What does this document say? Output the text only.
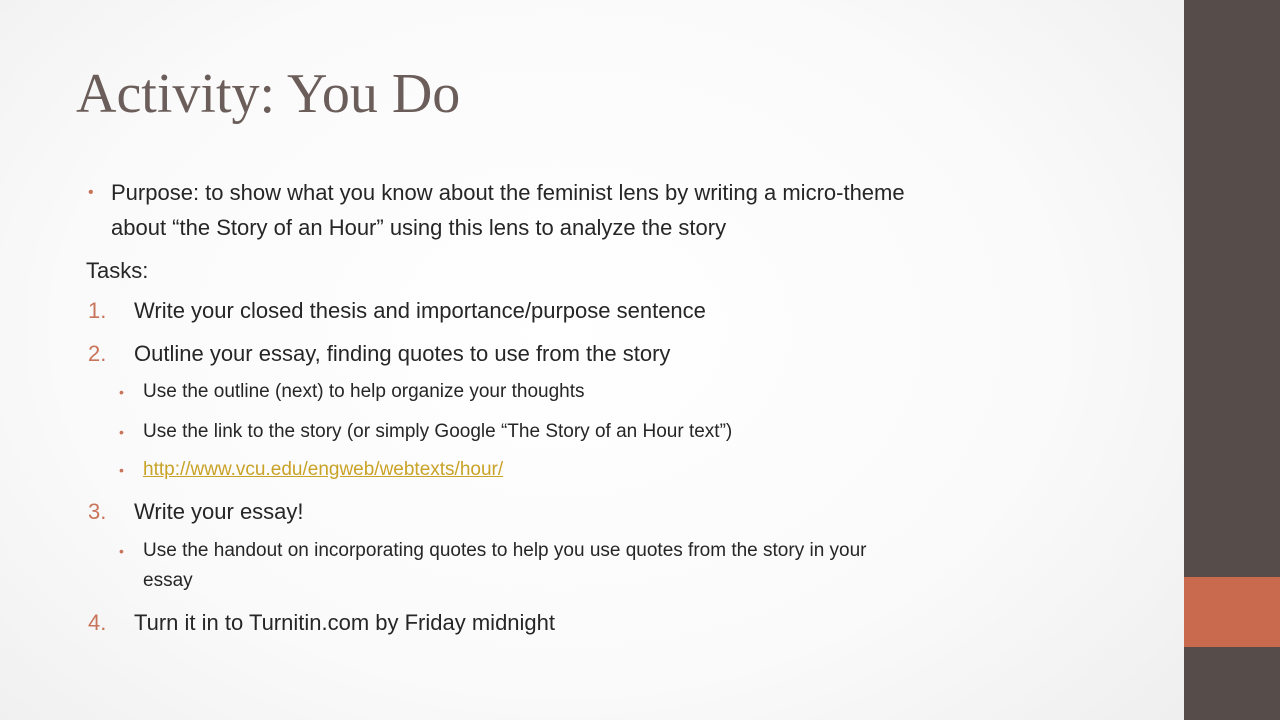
Activity: You Do
• Purpose: to show what you know about the feminist lens by writing a micro-theme
about “the Story of an Hour” using this lens to analyze the story
Tasks:
1. Write your closed thesis and importance/purpose sentence
2. Outline your essay, finding quotes to use from the story
• Use the outline (next) to help organize your thoughts
• Use the link to the story (or simply Google “The Story of an Hour text”)
• http://www.vcu.edu/engweb/webtexts/hour/
3. Write your essay!
• Use the handout on incorporating quotes to help you use quotes from the story in your
essay
4. Turn it in to Turnitin.com by Friday midnight
